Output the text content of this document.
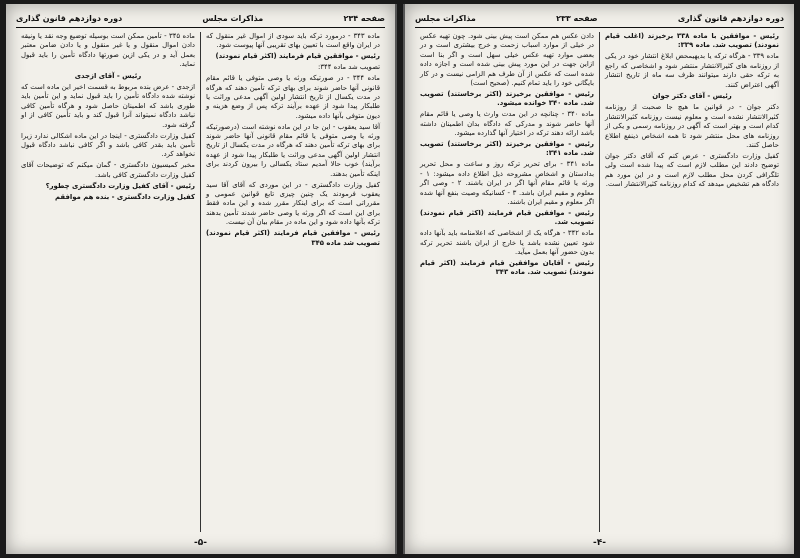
صفحه ۲۳۴
مذاکرات مجلس
دوره دوازدهم قانون گذاری

ماده ۳۴۳ - درمورد ترکه باید سودی از اموال غیر منقول که در ایران واقع است با تعیین بهای تقریبی آنها پیوست شود.

رئیس - موافقین قیام فرمایند (اکثر قیام نمودند)

تصویب شد ماده ۳۴۴:

ماده ۳۴۴ - در صورتیکه ورثه یا وصی متوفی یا قائم مقام قانونی آنها حاضر شوند برای بهای ترکه تأمین دهند که هرگاه در مدت یکسال از تاریخ انتشار اولین آگهی مدعی وراثت یا طلبکار پیدا شود از عهده برآیند ترکه پس از وضع هزینه و دیون متوفی بآنها داده میشود.

آقا سید یعقوب - این جا در این ماده نوشته است (درصورتیکه ورثه یا وصی متوفی یا قائم مقام قانونی آنها حاضر شوند برای بهای ترکه تأمین دهند که هرگاه در مدت یکسال از تاریخ انتشار اولین آگهی مدعی وراثت یا طلبکار پیدا شود از عهده برآیند) خوب حالا آمدیم ستاد یکسالی را بیرون کردند برای اینکه تأمین بدهند.

کفیل وزارت دادگستری - در این موردی که آقای آقا سید یعقوب فرمودند یک چنین چیزی تابع قوانین عمومی و مقرراتی است که برای اینکار مقرر شده و این ماده فقط برای این است که اگر ورثه یا وصی حاضر شدند تأمین بدهند ترکه بآنها داده شود و این ماده در مقام بیان آن نیست.

رئیس - موافقین قیام فرمایند (اکثر قیام نمودند) تصویب شد ماده ۳۴۵

ماده ۳۴۵ - تأمین ممکن است بوسیله توضیع وجه نقد یا ونیقه دادن اموال منقول و یا غیر منقول و یا دادن ضامن معتبر بعمل آید و در یکی ازین صورتها دادگاه تأمین را باید قبول نماید.

رئیس - آقای ازجدی

ازجدی - عرض بنده مربوط به قسمت اخیر این ماده است که نوشته شده دادگاه تأمین را باید قبول نماید و این تأمین باید طوری باشد که اطمینان حاصل شود و هرگاه تأمین کافی نباشد دادگاه نمیتواند آنرا قبول کند و باید تأمین کافی از او گرفته شود.

کفیل وزارت دادگستری - اینجا در این ماده اشکالی ندارد زیرا تأمین باید بقدر کافی باشد و اگر کافی نباشد دادگاه قبول نخواهد کرد.

مخبر کمیسیون دادگستری - گمان میکنم که توضیحات آقای کفیل وزارت دادگستری کافی باشد.

رئیس - آقای کفیل وزارت دادگستری چطور؟

کفیل وزارت دادگستری - بنده هم موافقم

-۵-
دوره دوازدهم قانون گذاری
صفحه ۲۳۳
مذاکرات مجلس

رئیس - موافقین با ماده ۳۳۸ برخیزند (اغلب قیام نمودند) تصویب شد. ماده ۳۳۹:

ماده ۳۳۹ - هرگاه ترکه یا بدیهیمحض ابلاغ انتشار خود در یکی از روزنامه های کثیرالانتشار منتشر شود و اشخاصی که راجع به ترکه حقی دارند میتوانند ظرف سه ماه از تاریخ انتشار آگهی اعتراض کنند.

رئیس - آقای دکتر جوان

دکتر جوان - در قوانین ما هیچ جا صحبت از روزنامه کثیرالانتشار نشده است و معلوم نیست روزنامه کثیرالانتشار کدام است و بهتر است که آگهی در روزنامه رسمی و یکی از روزنامه های محل منتشر شود تا همه اشخاص ذینفع اطلاع حاصل کنند.

کفیل وزارت دادگستری - عرض کنم که آقای دکتر جوان توضیح دادند این مطلب لازم است که پیدا شده است ولی تلگرافی کردن محل مطلب لازم است و در این مورد هم دادگاه هم تشخیص میدهد که کدام روزنامه کثیرالانتشار است.

دادن عکس هم ممکن است پیش بینی شود. چون تهیه عکس در خیلی از موارد اسباب زحمت و خرج بیشتری است و در بعضی موارد تهیه عکس خیلی سهل است و اگر بنا است ازاین جهت در این مورد پیش بینی شده است و اجازه داده شده است که عکس از آن طرف هم الزامی نیست و در کار بایگانی خود را باید تمام کنیم. (صحیح است)

رئیس - موافقین برخیزند (اکثر برخاستند) تصویب شد. ماده ۳۴۰ خوانده میشود.

ماده ۳۴۰ - چنانچه در این مدت وارث یا وصی یا قائم مقام آنها حاضر شوند و مدرکی که دادگاه بدان اطمینان داشته باشد ارائه دهند ترکه در اختیار آنها گذارده میشود.

رئیس - موافقین برخیزند (اکثر برخاستند) تصویب شد. ماده ۳۴۱:

ماده ۳۴۱ - برای تحریر ترکه روز و ساعت و محل تحریر بدادستان و اشخاص مشروحه ذیل اطلاع داده میشود: ۱ - ورثه یا قائم مقام آنها اگر در ایران باشند. ۲ - وصی اگر معلوم و مقیم ایران باشد. ۳ - کسانیکه وصیت بنفع آنها شده اگر معلوم و مقیم ایران باشند.

رئیس - موافقین قیام فرمایند (اکثر قیام نمودند) تصویب شد.

ماده ۳۴۲ - هرگاه یک از اشخاصی که اعلامنامه باید بآنها داده شود تعیین نشده باشد یا خارج از ایران باشند تحریر ترکه بدون حضور آنها بعمل میآید.

رئیس - آقایان موافقین قیام فرمایند (اکثر قیام نمودند) تصویب شد. ماده ۳۴۳

-۴-
